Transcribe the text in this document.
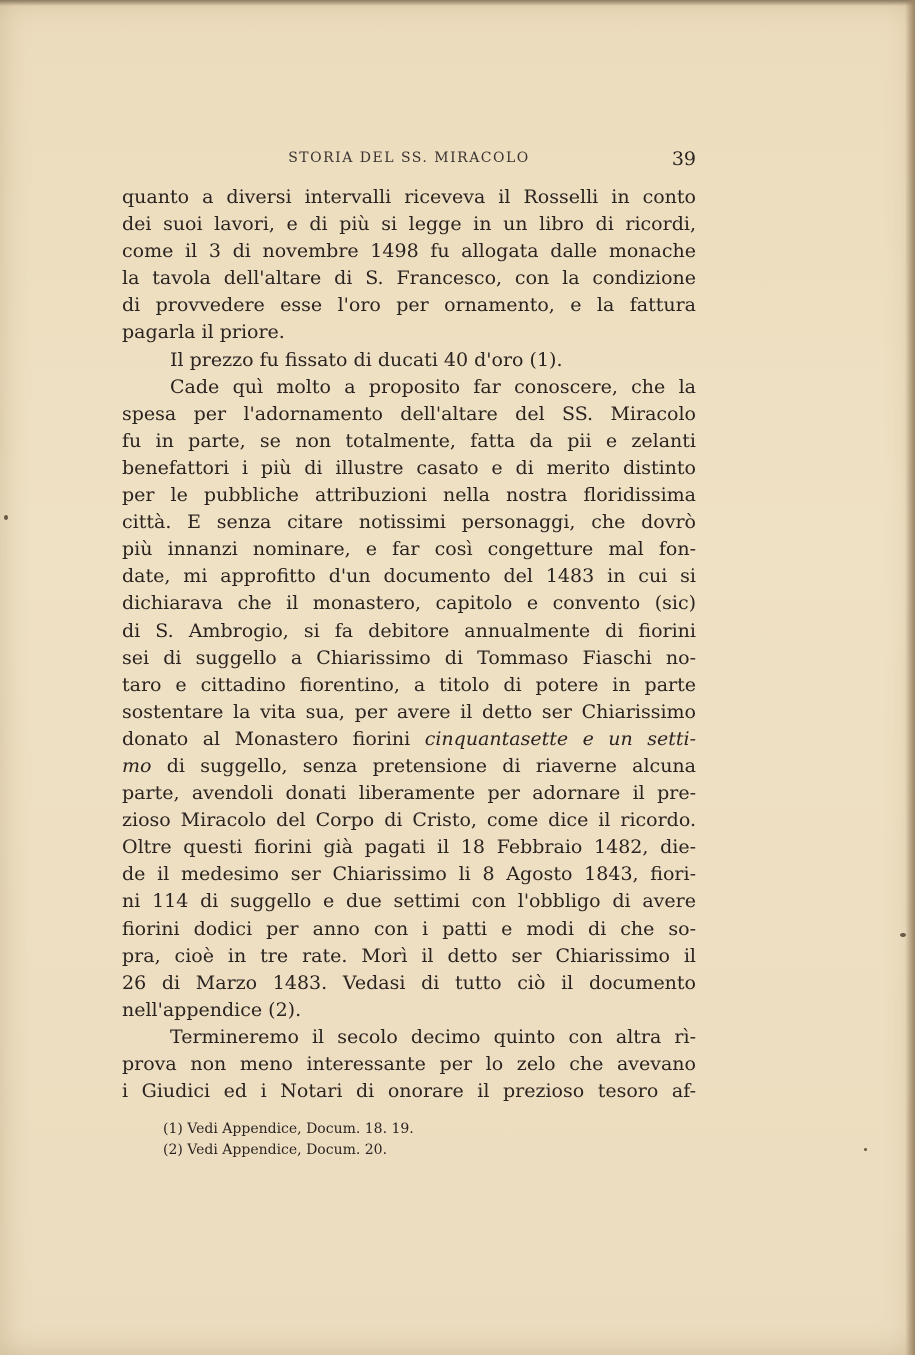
STORIA DEL SS. MIRACOLO	39
quanto a diversi intervalli riceveva il Rosselli in conto
dei suoi lavori, e di più si legge in un libro di ricordi,
come il 3 di novembre 1498 fu allogata dalle monache
la tavola dell'altare di S. Francesco, con la condizione
di provvedere esse l'oro per ornamento, e la fattura
pagarla il priore.
Il prezzo fu fissato di ducati 40 d'oro (1).
Cade quì molto a proposito far conoscere, che la
spesa per l'adornamento dell'altare del SS. Miracolo
fu in parte, se non totalmente, fatta da pii e zelanti
benefattori i più di illustre casato e di merito distinto
per le pubbliche attribuzioni nella nostra floridissima
città. E senza citare notissimi personaggi, che dovrò
più innanzi nominare, e far così congetture mal fon-
date, mi approfitto d'un documento del 1483 in cui si
dichiarava che il monastero, capitolo e convento (sic)
di S. Ambrogio, si fa debitore annualmente di fiorini
sei di suggello a Chiarissimo di Tommaso Fiaschi no-
taro e cittadino fiorentino, a titolo di potere in parte
sostentare la vita sua, per avere il detto ser Chiarissimo
donato al Monastero fiorini cinquantasette e un setti-
mo di suggello, senza pretensione di riaverne alcuna
parte, avendoli donati liberamente per adornare il pre-
zioso Miracolo del Corpo di Cristo, come dice il ricordo.
Oltre questi fiorini già pagati il 18 Febbraio 1482, die-
de il medesimo ser Chiarissimo li 8 Agosto 1843, fiori-
ni 114 di suggello e due settimi con l'obbligo di avere
fiorini dodici per anno con i patti e modi di che so-
pra, cioè in tre rate. Morì il detto ser Chiarissimo il
26 di Marzo 1483. Vedasi di tutto ciò il documento
nell'appendice (2).
Termineremo il secolo decimo quinto con altra rì-
prova non meno interessante per lo zelo che avevano
i Giudici ed i Notari di onorare il prezioso tesoro af-
(1) Vedi Appendice, Docum. 18. 19.
(2) Vedi Appendice, Docum. 20.
